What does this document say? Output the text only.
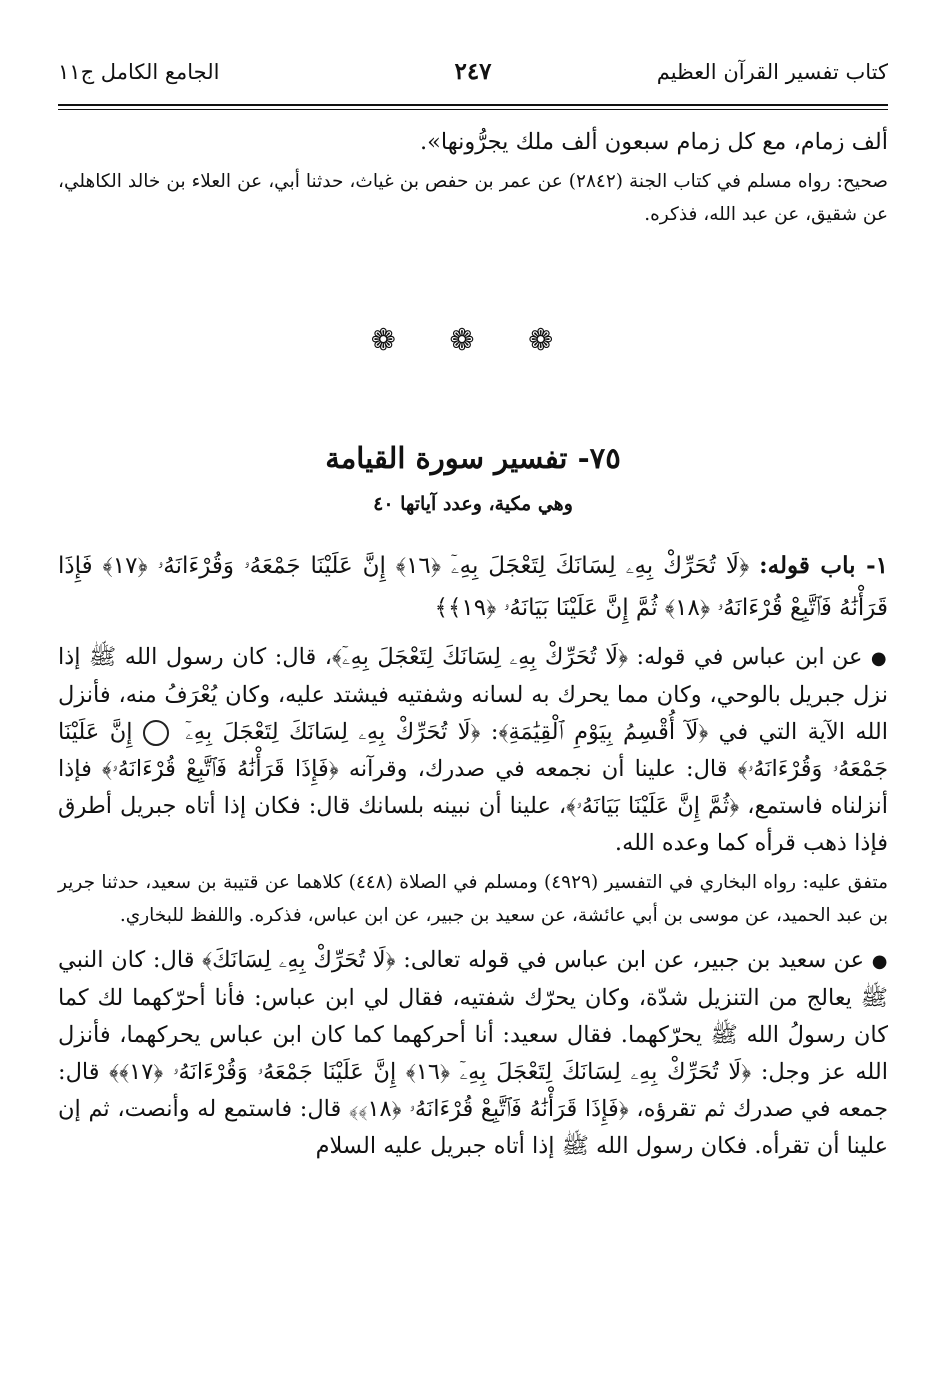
كتاب تفسير القرآن العظيم
٢٤٧
الجامع الكامل ج١١
ألف زمام، مع كل زمام سبعون ألف ملك يجرُّونها».
صحيح: رواه مسلم في كتاب الجنة (٢٨٤٢) عن عمر بن حفص بن غياث، حدثنا أبي، عن العلاء بن خالد الكاهلي، عن شقيق، عن عبد الله، فذكره.
❁ ❁ ❁
٧٥- تفسير سورة القيامة
وهي مكية، وعدد آياتها ٤٠
١- باب قوله: ﴿لَا تُحَرِّكْ بِهِۦ لِسَانَكَ لِتَعْجَلَ بِهِۦٓ ﴿١٦﴾ إِنَّ عَلَيْنَا جَمْعَهُۥ وَقُرْءَانَهُۥ ﴿١٧﴾ فَإِذَا قَرَأْنَٰهُ فَٱتَّبِعْ قُرْءَانَهُۥ ﴿١٨﴾ ثُمَّ إِنَّ عَلَيْنَا بَيَانَهُۥ ﴿١٩﴾﴾
● عن ابن عباس في قوله: ﴿لَا تُحَرِّكْ بِهِۦ لِسَانَكَ لِتَعْجَلَ بِهِۦٓ﴾، قال: كان رسول الله ﷺ إذا نزل جبريل بالوحي، وكان مما يحرك به لسانه وشفتيه فيشتد عليه، وكان يُعْرَفُ منه، فأنزل الله الآية التي في ﴿لَآ أُقْسِمُ بِيَوْمِ ٱلْقِيَٰمَةِ﴾: ﴿لَا تُحَرِّكْ بِهِۦ لِسَانَكَ لِتَعْجَلَ بِهِۦٓ  إِنَّ عَلَيْنَا جَمْعَهُۥ وَقُرْءَانَهُۥ﴾ قال: علينا أن نجمعه في صدرك، وقرآنه ﴿فَإِذَا قَرَأْنَٰهُ فَٱتَّبِعْ قُرْءَانَهُۥ﴾ فإذا أنزلناه فاستمع، ﴿ثُمَّ إِنَّ عَلَيْنَا بَيَانَهُۥ﴾، علينا أن نبينه بلسانك قال: فكان إذا أتاه جبريل أطرق فإذا ذهب قرأه كما وعده الله.
متفق عليه: رواه البخاري في التفسير (٤٩٢٩) ومسلم في الصلاة (٤٤٨) كلاهما عن قتيبة بن سعيد، حدثنا جرير بن عبد الحميد، عن موسى بن أبي عائشة، عن سعيد بن جبير، عن ابن عباس، فذكره. واللفظ للبخاري.
● عن سعيد بن جبير، عن ابن عباس في قوله تعالى: ﴿لَا تُحَرِّكْ بِهِۦ لِسَانَكَ﴾ قال: كان النبي ﷺ يعالج من التنزيل شدّة، وكان يحرّك شفتيه، فقال لي ابن عباس: فأنا أحرّكهما لك كما كان رسولُ الله ﷺ يحرّكهما. فقال سعيد: أنا أحركهما كما كان ابن عباس يحركهما، فأنزل الله عز وجل: ﴿لَا تُحَرِّكْ بِهِۦ لِسَانَكَ لِتَعْجَلَ بِهِۦٓ ﴿١٦﴾ إِنَّ عَلَيْنَا جَمْعَهُۥ وَقُرْءَانَهُۥ ﴿١٧﴾﴾ قال: جمعه في صدرك ثم تقرؤه، ﴿فَإِذَا قَرَأْنَٰهُ فَٱتَّبِعْ قُرْءَانَهُۥ ﴿١٨﴾﴾ قال: فاستمع له وأنصت، ثم إن علينا أن تقرأه. فكان رسول الله ﷺ إذا أتاه جبريل عليه السلام
